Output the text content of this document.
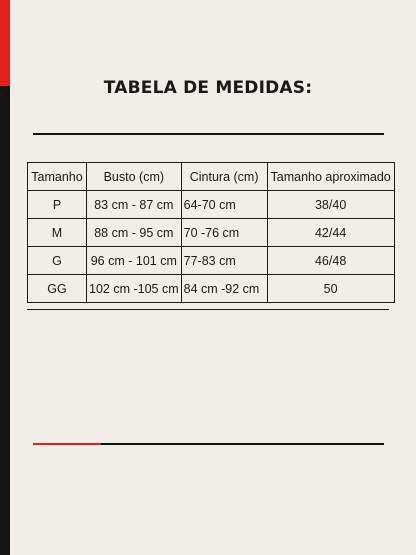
TABELA DE MEDIDAS:
Tamanho	Busto (cm)	Cintura (cm)	Tamanho aproximado
P	83 cm - 87 cm	64-70 cm	38/40
M	88 cm - 95 cm	70 -76 cm	42/44
G	96 cm - 101 cm	77-83 cm	46/48
GG	102 cm -105 cm	84 cm -92 cm	50
